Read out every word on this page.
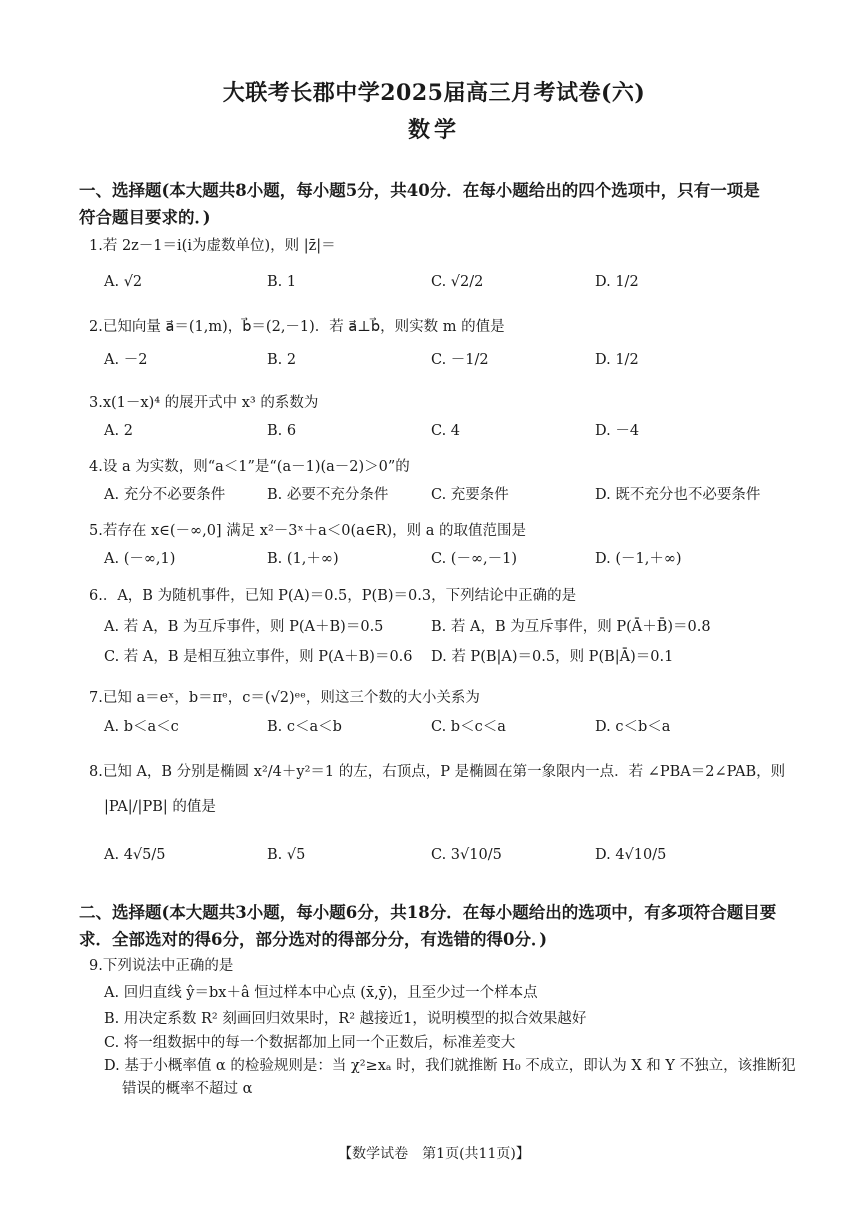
大联考长郡中学2025届高三月考试卷(六)
数学
一、选择题(本大题共8小题，每小题5分，共40分．在每小题给出的四个选项中，只有一项是
符合题目要求的．)
1.若 2z－1＝i(i为虚数单位)，则 |z̄|＝
A. √2	B. 1	C. √2/2	D. 1/2
2.已知向量 a⃗＝(1,m)，b⃗＝(2,－1)．若 a⃗⊥b⃗，则实数 m 的值是
A. －2	B. 2	C. －1/2	D. 1/2
3.x(1－x)⁴ 的展开式中 x³ 的系数为
A. 2	B. 6	C. 4	D. －4
4.设 a 为实数，则“a＜1”是“(a－1)(a－2)＞0”的
A. 充分不必要条件	B. 必要不充分条件	C. 充要条件	D. 既不充分也不必要条件
5.若存在 x∈(－∞,0] 满足 x²－3ˣ＋a＜0(a∈R)，则 a 的取值范围是
A. (－∞,1)	B. (1,＋∞)	C. (－∞,－1)	D. (－1,＋∞)
6.．A，B 为随机事件，已知 P(A)＝0.5，P(B)＝0.3，下列结论中正确的是
A. 若 A，B 为互斥事件，则 P(A＋B)＝0.5	B. 若 A，B 为互斥事件，则 P(Ā＋B̄)＝0.8
C. 若 A，B 是相互独立事件，则 P(A＋B)＝0.6 D. 若 P(B|A)＝0.5，则 P(B|Ā)＝0.1
7.已知 a＝eˣ，b＝πᵉ，c＝(√2)ᵉᵉ，则这三个数的大小关系为
A. b＜a＜c	B. c＜a＜b	C. b＜c＜a	D. c＜b＜a
8.已知 A，B 分别是椭圆 x²/4＋y²＝1 的左，右顶点，P 是椭圆在第一象限内一点．若 ∠PBA＝2∠PAB，则
|PA|/|PB| 的值是
A. 4√5/5	B. √5	C. 3√10/5	D. 4√10/5
二、选择题(本大题共3小题，每小题6分，共18分．在每小题给出的选项中，有多项符合题目要
求．全部选对的得6分，部分选对的得部分分，有选错的得0分．)
9.下列说法中正确的是
A. 回归直线 ŷ＝bx＋â 恒过样本中心点 (x̄,ȳ)，且至少过一个样本点
B. 用决定系数 R² 刻画回归效果时，R² 越接近1，说明模型的拟合效果越好
C. 将一组数据中的每一个数据都加上同一个正数后，标准差变大
D. 基于小概率值 α 的检验规则是：当 χ²≥xₐ 时，我们就推断 H₀ 不成立，即认为 X 和 Y 不独立，该推断犯
错误的概率不超过 α
【数学试卷　第1页(共11页)】
